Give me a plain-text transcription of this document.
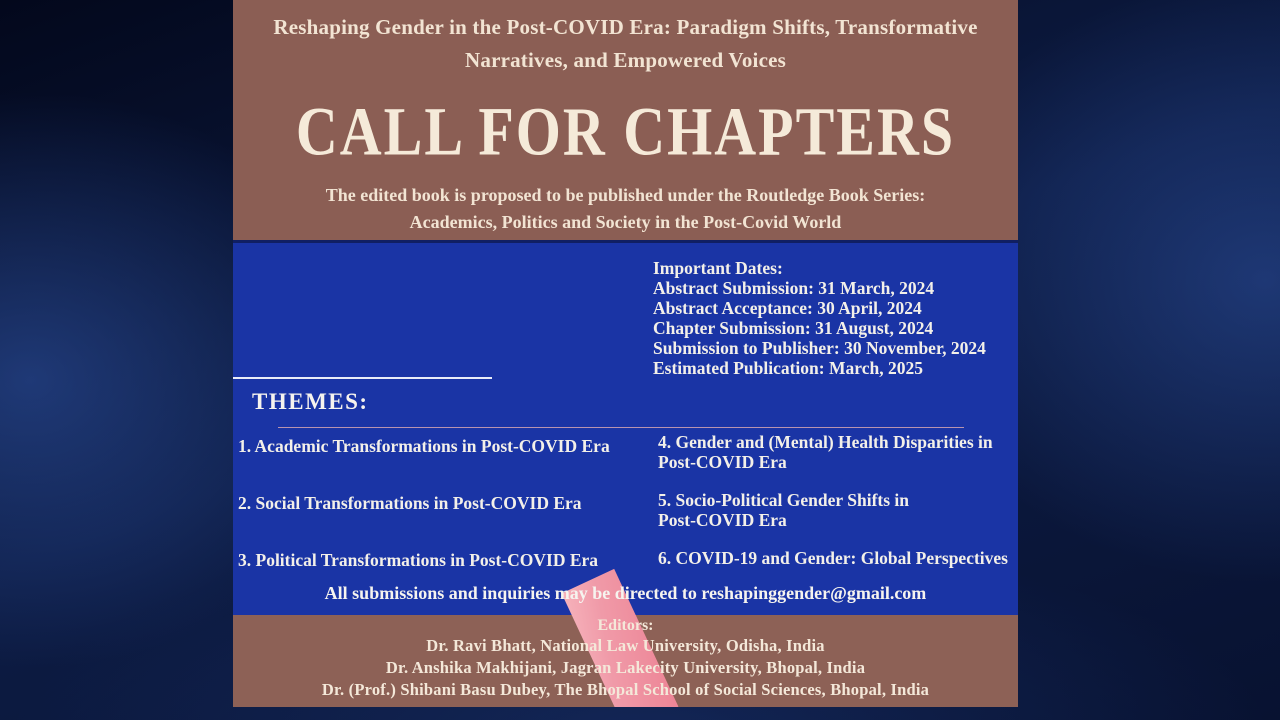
Reshaping Gender in the Post-COVID Era: Paradigm Shifts, Transformative
Narratives, and Empowered Voices
CALL FOR CHAPTERS
The edited book is proposed to be published under the Routledge Book Series:
Academics, Politics and Society in the Post-Covid World
Important Dates:
Abstract Submission: 31 March, 2024
Abstract Acceptance: 30 April, 2024
Chapter Submission: 31 August, 2024
Submission to Publisher: 30 November, 2024
Estimated Publication: March, 2025
THEMES:
1. Academic Transformations in Post-COVID Era
2. Social Transformations in Post-COVID Era
3. Political Transformations in Post-COVID Era
4. Gender and (Mental) Health Disparities in
Post-COVID Era
5. Socio-Political Gender Shifts in
Post-COVID Era
6. COVID-19 and Gender: Global Perspectives
All submissions and inquiries may be directed to reshapinggender@gmail.com
Editors:
Dr. Ravi Bhatt, National Law University, Odisha, India
Dr. Anshika Makhijani, Jagran Lakecity University, Bhopal, India
Dr. (Prof.) Shibani Basu Dubey, The Bhopal School of Social Sciences, Bhopal, India
